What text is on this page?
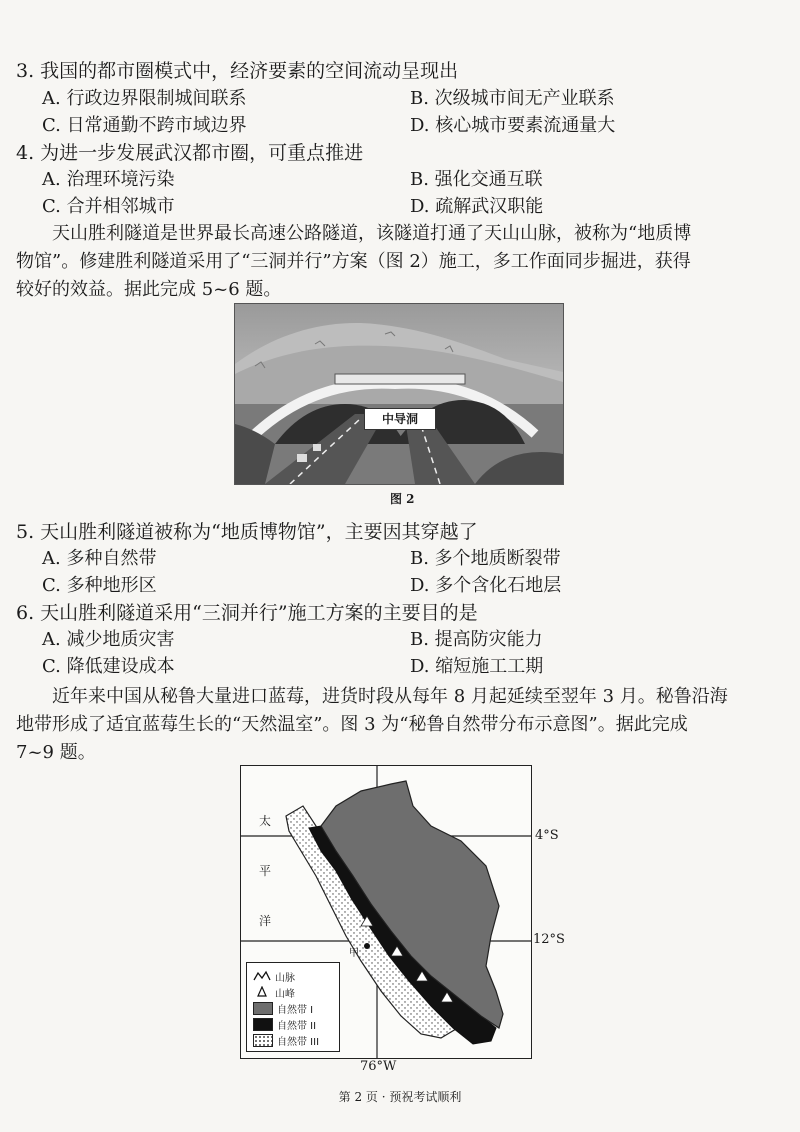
3. 我国的都市圈模式中，经济要素的空间流动呈现出
A. 行政边界限制城间联系	B. 次级城市间无产业联系
C. 日常通勤不跨市域边界	D. 核心城市要素流通量大
4. 为进一步发展武汉都市圈，可重点推进
A. 治理环境污染	B. 强化交通互联
C. 合并相邻城市	D. 疏解武汉职能
　　天山胜利隧道是世界最长高速公路隧道，该隧道打通了天山山脉，被称为“地质博
物馆”。修建胜利隧道采用了“三洞并行”方案（图 2）施工，多工作面同步掘进，获得
较好的效益。据此完成 5~6 题。
中导洞
图 2
5. 天山胜利隧道被称为“地质博物馆”，主要因其穿越了
A. 多种自然带	B. 多个地质断裂带
C. 多种地形区	D. 多个含化石地层
6. 天山胜利隧道采用“三洞并行”施工方案的主要目的是
A. 减少地质灾害	B. 提高防灾能力
C. 降低建设成本	D. 缩短施工工期
　　近年来中国从秘鲁大量进口蓝莓，进货时段从每年 8 月起延续至翌年 3 月。秘鲁沿海
地带形成了适宜蓝莓生长的“天然温室”。图 3 为“秘鲁自然带分布示意图”。据此完成
7~9 题。
太
平
洋
甲
4°S
12°S
76°W
山脉
山峰
自然带 I
自然带 II
自然带 III
第 2 页 · 预祝考试顺利
